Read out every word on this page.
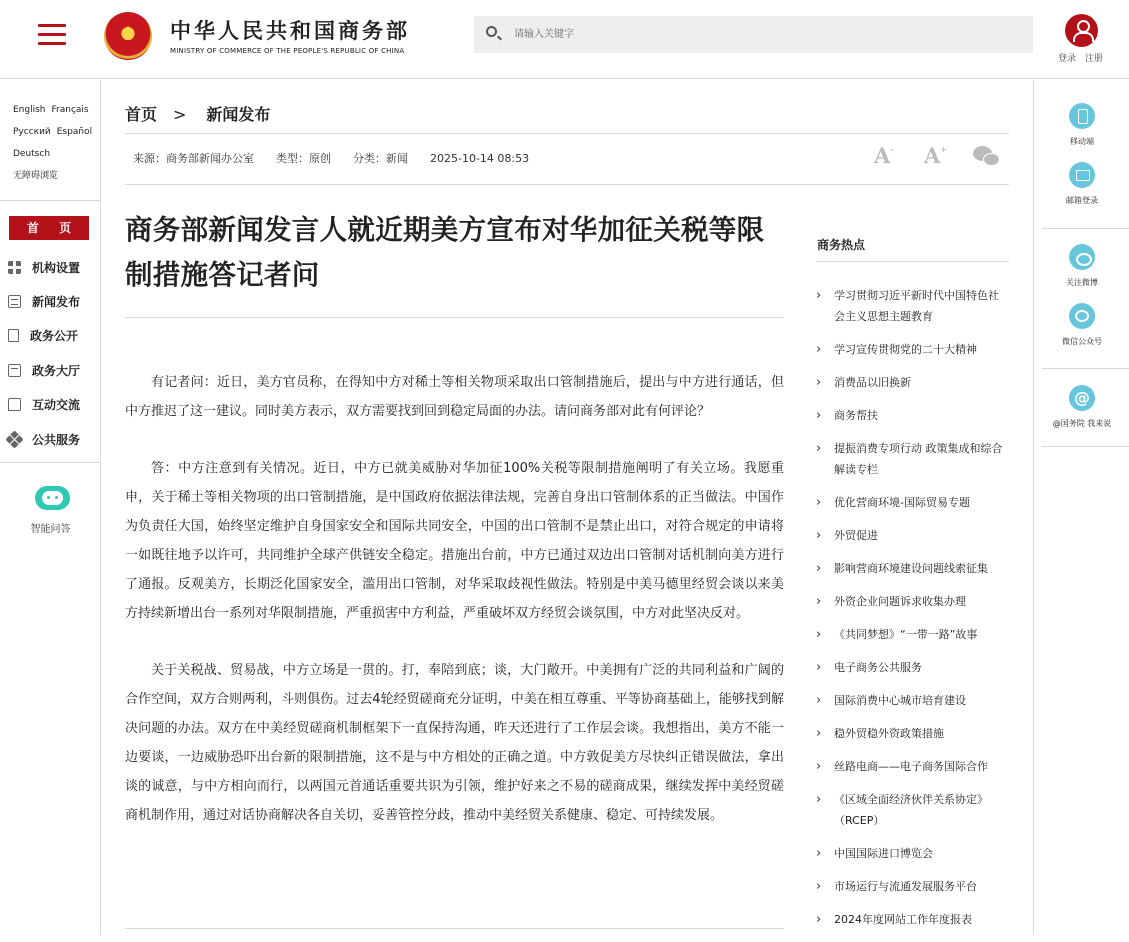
★
中华人民共和国商务部
MINISTRY OF COMMERCE OF THE PEOPLE'S REPUBLIC OF CHINA
请输入关键字
登录 注册
English Français
Русский Español
Deutsch
无障碍浏览
首 页
机构设置
新闻发布
政务公开
政务大厅
互动交流
公共服务
智能问答
首页 > 新闻发布
来源：商务部新闻办公室 类型：原创 分类：新闻 2025-10-14 08:53	A- A+
商务部新闻发言人就近期美方宣布对华加征关税等限制措施答记者问

有记者问：近日，美方官员称，在得知中方对稀土等相关物项采取出口管制措施后，提出与中方进行通话，但中方推迟了这一建议。同时美方表示，双方需要找到回到稳定局面的办法。请问商务部对此有何评论？

答：中方注意到有关情况。近日，中方已就美威胁对华加征100%关税等限制措施阐明了有关立场。我愿重申，关于稀土等相关物项的出口管制措施，是中国政府依据法律法规，完善自身出口管制体系的正当做法。中国作为负责任大国，始终坚定维护自身国家安全和国际共同安全，中国的出口管制不是禁止出口，对符合规定的申请将一如既往地予以许可，共同维护全球产供链安全稳定。措施出台前，中方已通过双边出口管制对话机制向美方进行了通报。反观美方，长期泛化国家安全，滥用出口管制，对华采取歧视性做法。特别是中美马德里经贸会谈以来美方持续新增出台一系列对华限制措施，严重损害中方利益，严重破坏双方经贸会谈氛围，中方对此坚决反对。

关于关税战、贸易战，中方立场是一贯的。打，奉陪到底；谈，大门敞开。中美拥有广泛的共同利益和广阔的合作空间，双方合则两利，斗则俱伤。过去4轮经贸磋商充分证明，中美在相互尊重、平等协商基础上，能够找到解决问题的办法。双方在中美经贸磋商机制框架下一直保持沟通，昨天还进行了工作层会谈。我想指出，美方不能一边要谈，一边威胁恐吓出台新的限制措施，这不是与中方相处的正确之道。中方敦促美方尽快纠正错误做法，拿出谈的诚意，与中方相向而行，以两国元首通话重要共识为引领，维护好来之不易的磋商成果，继续发挥中美经贸磋商机制作用，通过对话协商解决各自关切，妥善管控分歧，推动中美经贸关系健康、稳定、可持续发展。

商务热点
› 学习贯彻习近平新时代中国特色社会主义思想主题教育
› 学习宣传贯彻党的二十大精神
› 消费品以旧换新
› 商务帮扶
› 提振消费专项行动 政策集成和综合解读专栏
› 优化营商环境-国际贸易专题
› 外贸促进
› 影响营商环境建设问题线索征集
› 外资企业问题诉求收集办理
› 《共同梦想》“一带一路”故事
› 电子商务公共服务
› 国际消费中心城市培育建设
› 稳外贸稳外资政策措施
› 丝路电商——电子商务国际合作
› 《区域全面经济伙伴关系协定》（RCEP）
› 中国国际进口博览会
› 市场运行与流通发展服务平台
› 2024年度网站工作年度报表
移动端
邮箱登录
关注微博
微信公众号
@
@国务院 我来说
